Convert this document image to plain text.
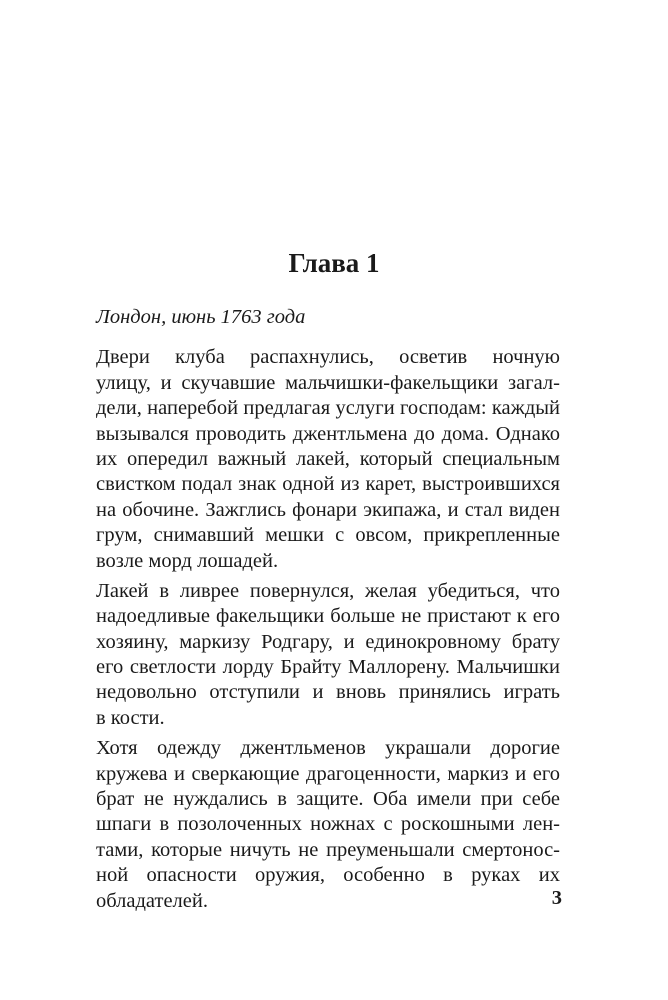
Глава 1
Лондон, июнь 1763 года
Двери клуба распахнулись, осветив ночную
улицу, и скучавшие мальчишки-факельщики загал-
дели, наперебой предлагая услуги господам: каждый
вызывался проводить джентльмена до дома. Однако
их опередил важный лакей, который специальным
свистком подал знак одной из карет, выстроившихся
на обочине. Зажглись фонари экипажа, и стал виден
грум, снимавший мешки с овсом, прикрепленные
возле морд лошадей.
Лакей в ливрее повернулся, желая убедиться, что
надоедливые факельщики больше не пристают к его
хозяину, маркизу Родгару, и единокровному брату
его светлости лорду Брайту Маллорену. Мальчишки
недовольно отступили и вновь принялись играть
в кости.
Хотя одежду джентльменов украшали дорогие
кружева и сверкающие драгоценности, маркиз и его
брат не нуждались в защите. Оба имели при себе
шпаги в позолоченных ножнах с роскошными лен-
тами, которые ничуть не преуменьшали смертонос-
ной опасности оружия, особенно в руках их
обладателей.	3
